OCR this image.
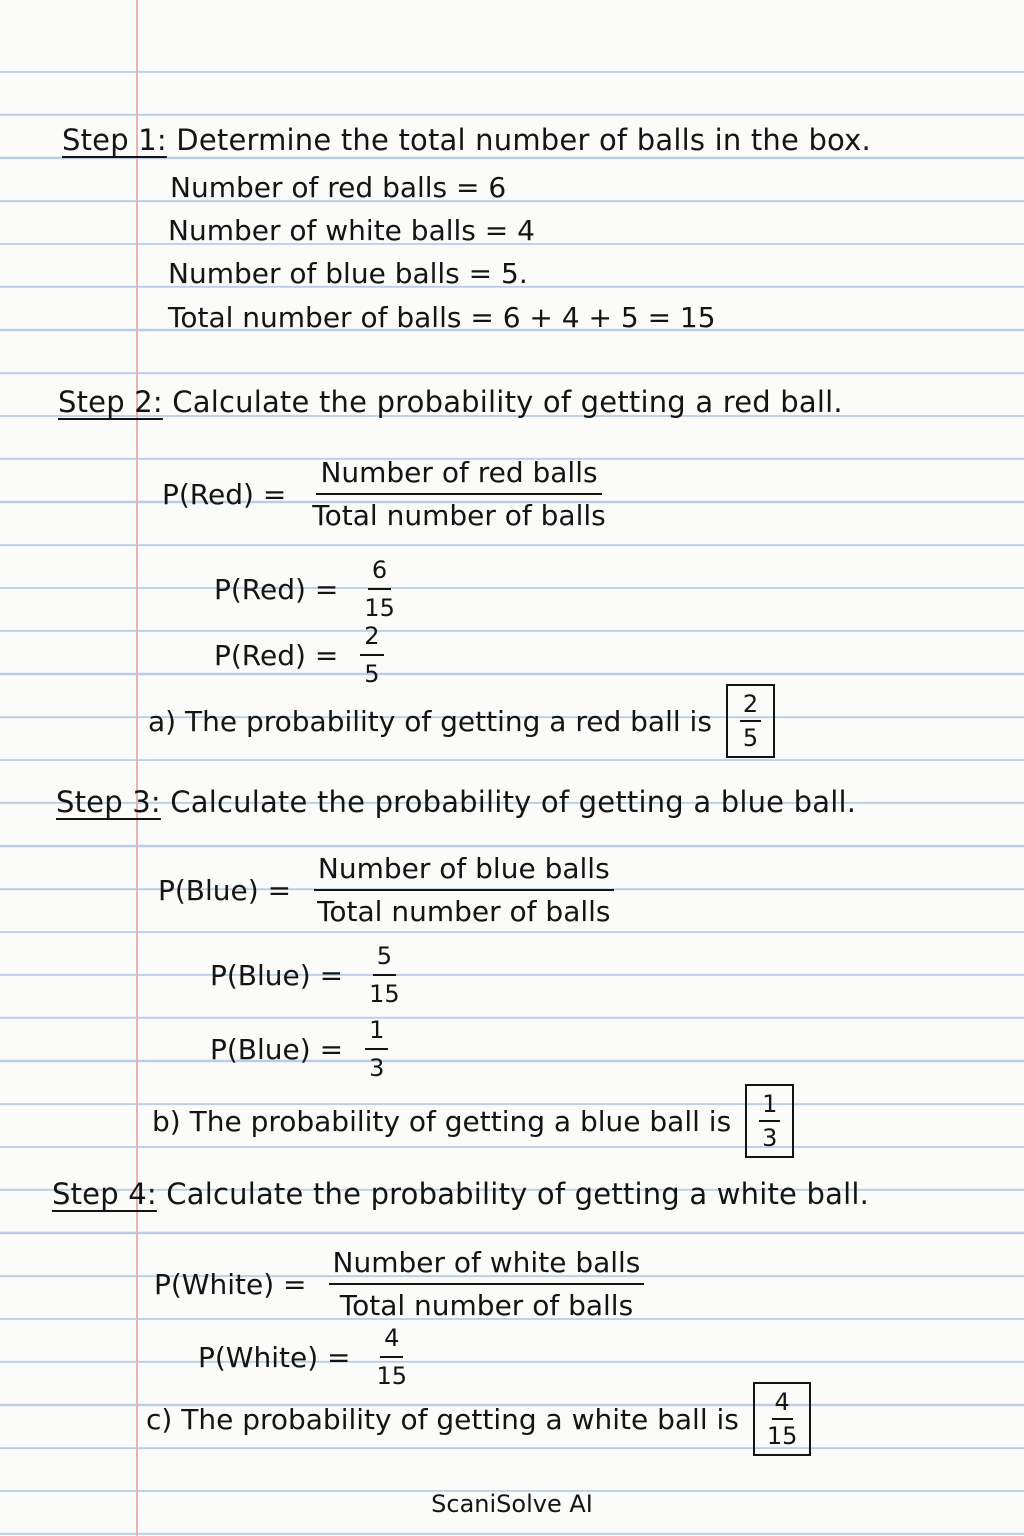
Step 1: Determine the total number of balls in the box.
Number of red balls = 6
Number of white balls = 4
Number of blue balls = 5.
Total number of balls = 6 + 4 + 5 = 15
Step 2: Calculate the probability of getting a red ball.
$P(Red) = \frac{\text{Number of red balls}}{\text{Total number of balls}}$
$P(Red) = \frac{6}{15}$
$P(Red) = \frac{2}{5}$
a) The probability of getting a red ball is $\frac{2}{5}$
Step 3: Calculate the probability of getting a blue ball.
P(Blue) = $\frac{\text{Number of blue balls}}{\text{Total number of balls}}$
P(Blue) = $\frac{5}{15}$
P(Blue) = $\frac{1}{3}$
b) The probability of getting a blue ball is $\frac{1}{3}$
Step 4: Calculate the probability of getting a white ball.
P(White) = $\frac{\text{Number of white balls}}{\text{Total number of balls}}$
P(White) = $\frac{4}{15}$
c) The probability of getting a white ball is $\frac{4}{15}$
ScaniSolve AI
